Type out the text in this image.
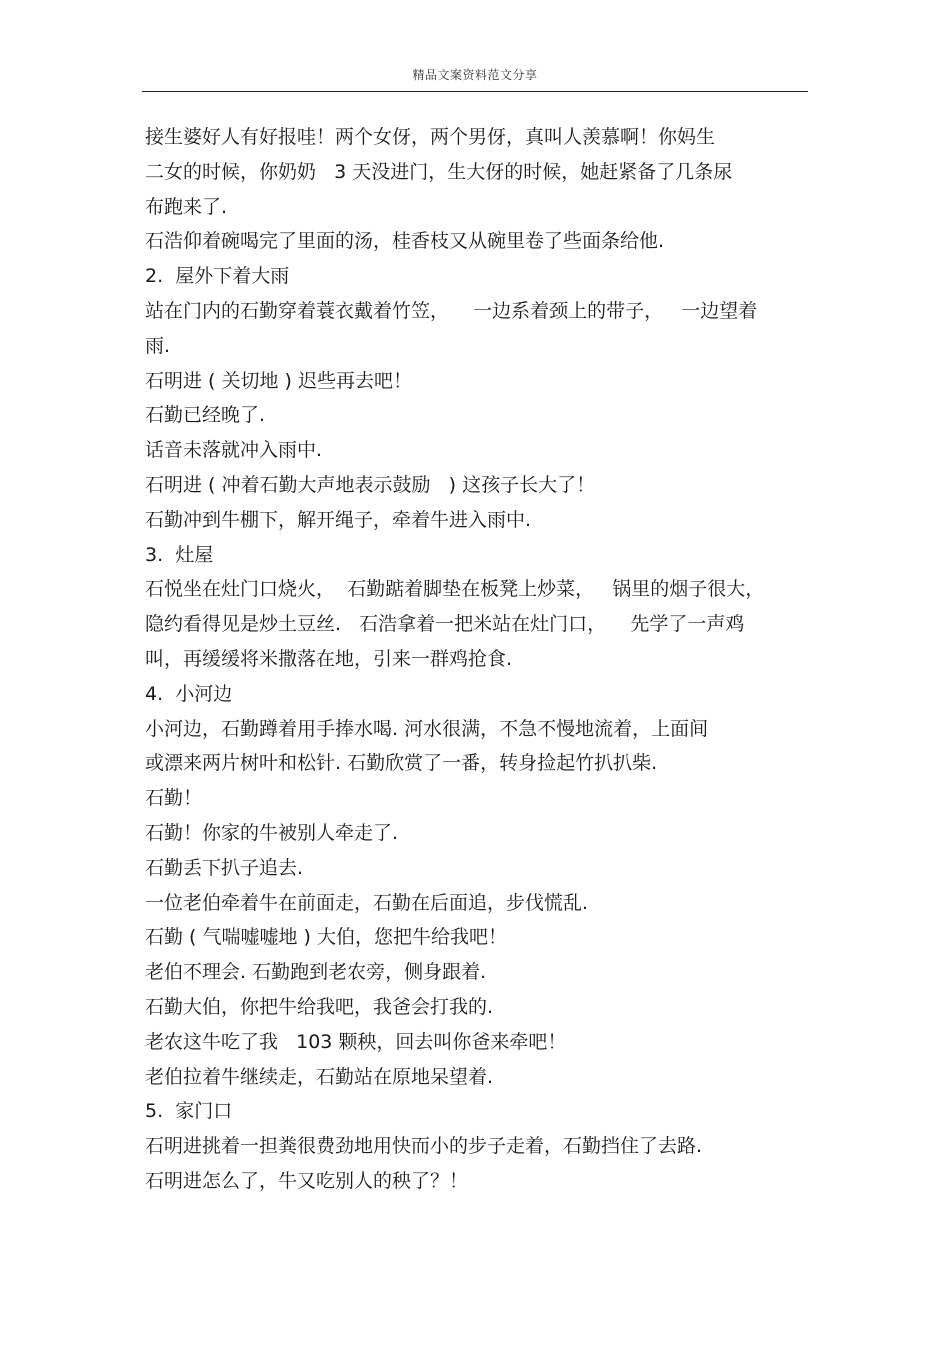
精品文案资料范文分享
接生婆好人有好报哇！两个女伢，两个男伢，真叫人羡慕啊！你妈生
二女的时候，你奶奶   3 天没进门，生大伢的时候，她赶紧备了几条尿
布跑来了.
石浩仰着碗喝完了里面的汤，桂香枝又从碗里卷了些面条给他.
2.  屋外下着大雨
站在门内的石勤穿着蓑衣戴着竹笠，    一边系着颈上的带子，   一边望着
雨.
石明进 ( 关切地 ) 迟些再去吧！
石勤已经晚了.
话音未落就冲入雨中.
石明进 ( 冲着石勤大声地表示鼓励   ) 这孩子长大了！
石勤冲到牛棚下，解开绳子，牵着牛进入雨中.
3.  灶屋
石悦坐在灶门口烧火，  石勤踮着脚垫在板凳上炒菜，   锅里的烟子很大，
隐约看得见是炒土豆丝.   石浩拿着一把米站在灶门口，    先学了一声鸡
叫，再缓缓将米撒落在地，引来一群鸡抢食.
4.  小河边
小河边，石勤蹲着用手捧水喝. 河水很满，不急不慢地流着，上面间
或漂来两片树叶和松针. 石勤欣赏了一番，转身捡起竹扒扒柴.
石勤！
石勤！你家的牛被别人牵走了.
石勤丢下扒子追去.
一位老伯牵着牛在前面走，石勤在后面追，步伐慌乱.
石勤 ( 气喘嘘嘘地 ) 大伯，您把牛给我吧！
老伯不理会. 石勤跑到老农旁，侧身跟着.
石勤大伯，你把牛给我吧，我爸会打我的.
老农这牛吃了我   103 颗秧，回去叫你爸来牵吧！
老伯拉着牛继续走，石勤站在原地呆望着.
5.  家门口
石明进挑着一担粪很费劲地用快而小的步子走着，石勤挡住了去路.
石明进怎么了，牛又吃别人的秧了？！
